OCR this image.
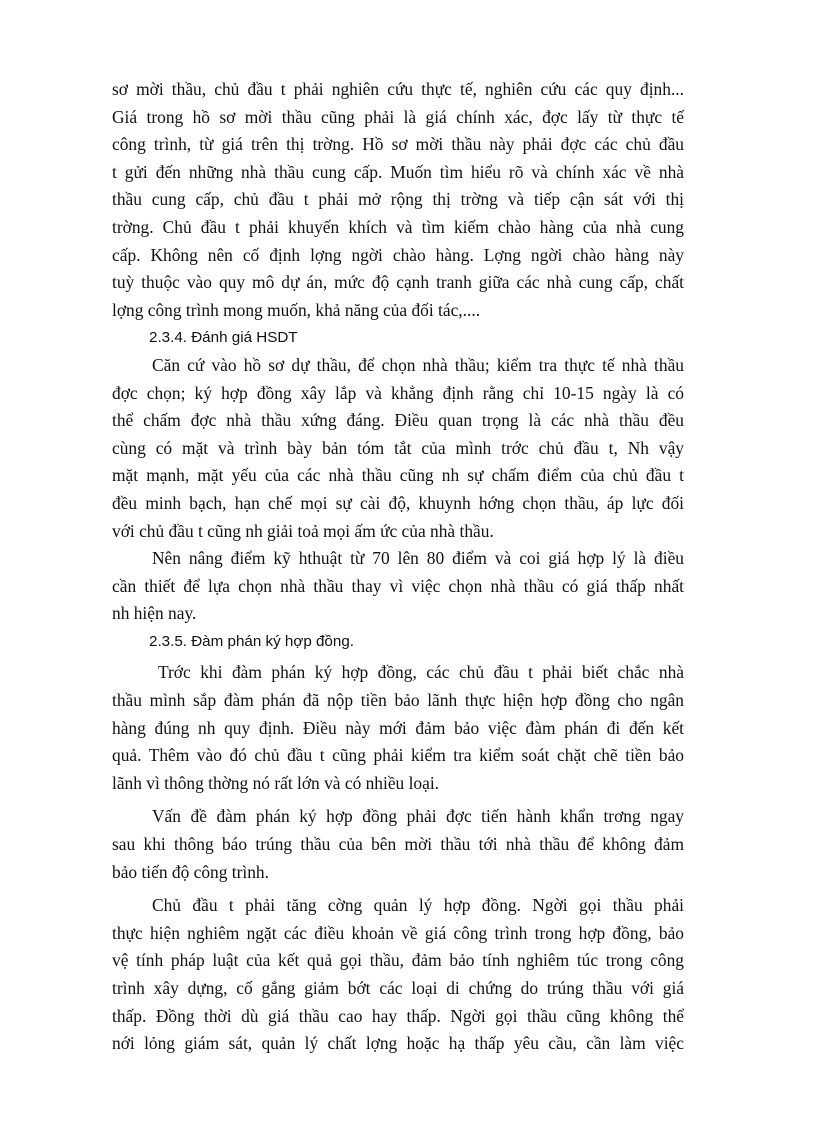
sơ mời thầu, chủ đầu t phải nghiên cứu thực tế, nghiên cứu các quy định...
Giá trong hồ sơ mời thầu cũng phải là giá chính xác, đợc lấy từ thực tế
công trình, từ giá trên thị trờng. Hồ sơ mời thầu này phải đợc các chủ đầu
t gửi đến những nhà thầu cung cấp. Muốn tìm hiểu rõ và chính xác về nhà
thầu cung cấp, chủ đầu t phải mở rộng thị trờng và tiếp cận sát với thị
trờng. Chủ đầu t phải khuyến khích và tìm kiếm chào hàng của nhà cung
cấp. Không nên cố định lợng ngời chào hàng. Lợng ngời chào hàng này
tuỳ thuộc vào quy mô dự án, mức độ cạnh tranh giữa các nhà cung cấp, chất
lợng công trình mong muốn, khả năng của đối tác,....
2.3.4. Đánh giá HSDT
Căn cứ vào hồ sơ dự thầu, để chọn nhà thầu; kiểm tra thực tế nhà thầu
đợc chọn; ký hợp đồng xây lắp và khẳng định rằng chỉ 10-15 ngày là có
thể chấm đợc nhà thầu xứng đáng. Điều quan trọng là các nhà thầu đều
cùng có mặt và trình bày bản tóm tắt của mình trớc chủ đầu t, Nh vậy
mặt mạnh, mặt yếu của các nhà thầu cũng nh sự chấm điểm của chủ đầu t
đều minh bạch, hạn chế mọi sự cài độ, khuynh hớng chọn thầu, áp lực đối
với chủ đầu t cũng nh giải toả mọi ấm ức của nhà thầu.
Nên nâng điểm kỹ hthuật từ 70 lên 80 điểm và coi giá hợp lý là điều
cần thiết để lựa chọn nhà thầu thay vì việc chọn nhà thầu có giá thấp nhất
nh hiện nay.
2.3.5. Đàm phán ký hợp đồng.
Trớc khi đàm phán ký hợp đồng, các chủ đầu t phải biết chắc nhà
thầu mình sắp đàm phán đã nộp tiền bảo lãnh thực hiện hợp đồng cho ngân
hàng đúng nh quy định. Điều này mới đảm bảo việc đàm phán đi đến kết
quả. Thêm vào đó chủ đầu t cũng phải kiểm tra kiểm soát chặt chẽ tiền bảo
lãnh vì thông thờng nó rất lớn và có nhiều loại.
Vấn đề đàm phán ký hợp đồng phải đợc tiến hành khẩn trơng ngay
sau khi thông báo trúng thầu của bên mời thầu tới nhà thầu để không đảm
bảo tiến độ công trình.
Chủ đầu t phải tăng cờng quản lý hợp đồng. Ngời gọi thầu phải
thực hiện nghiêm ngặt các điều khoản về giá công trình trong hợp đồng, bảo
vệ tính pháp luật của kết quả gọi thầu, đảm bảo tính nghiêm túc trong công
trình xây dựng, cố gắng giảm bớt các loại di chứng do trúng thầu với giá
thấp. Đồng thời dù giá thầu cao hay thấp. Ngời gọi thầu cũng không thể
nới lỏng giám sát, quản lý chất lợng hoặc hạ thấp yêu cầu, cần làm việc
